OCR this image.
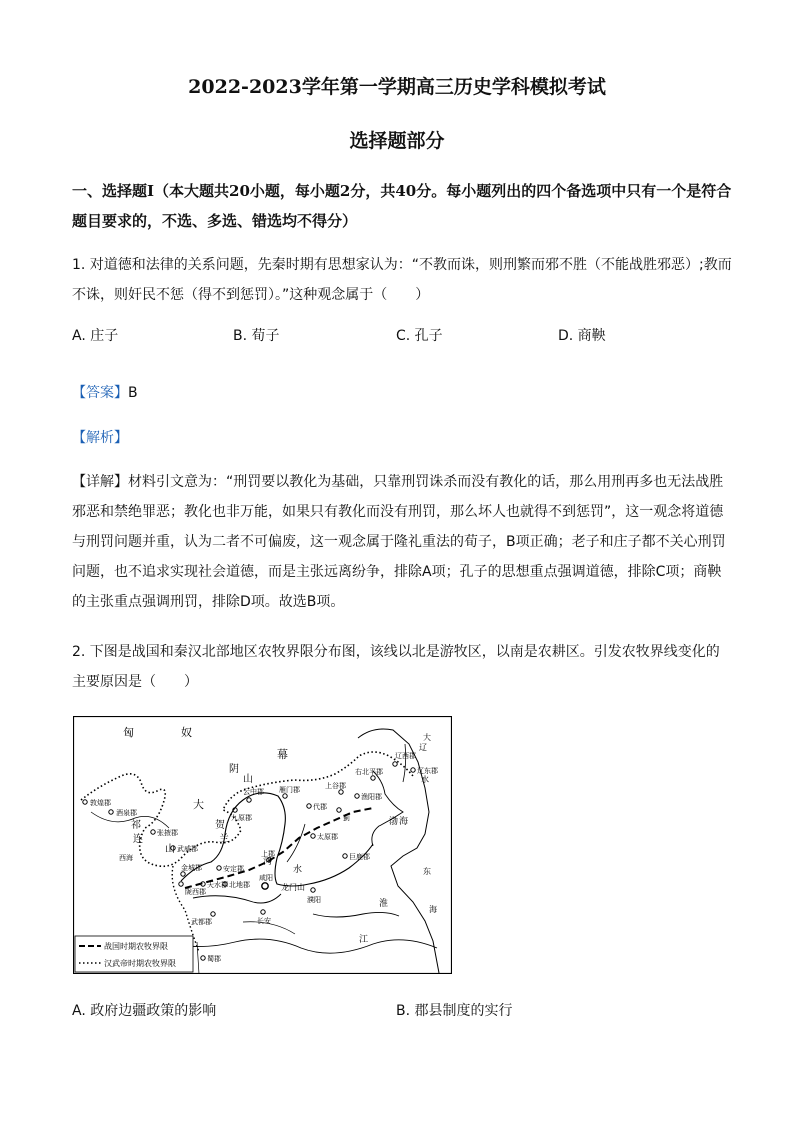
2022-2023学年第一学期高三历史学科模拟考试
选择题部分
一、选择题Ⅰ（本大题共20小题，每小题2分，共40分。每小题列出的四个备选项中只有一个是符合题目要求的，不选、多选、错选均不得分）
1. 对道德和法律的关系问题，先秦时期有思想家认为：“不教而诛，则刑繁而邪不胜（不能战胜邪恶）;教而不诛，则奸民不惩（得不到惩罚）。”这种观念属于（　　）
A. 庄子	B. 荀子	C. 孔子	D. 商鞅
【答案】B
【解析】
【详解】材料引文意为：“刑罚要以教化为基础，只靠刑罚诛杀而没有教化的话，那么用刑再多也无法战胜邪恶和禁绝罪恶；教化也非万能，如果只有教化而没有刑罚，那么坏人也就得不到惩罚”，这一观念将道德与刑罚问题并重，认为二者不可偏废，这一观念属于隆礼重法的荀子，B项正确；老子和庄子都不关心刑罚问题，也不追求实现社会道德，而是主张远离纷争，排除A项；孔子的思想重点强调道德，排除C项；商鞅的主张重点强调刑罚，排除D项。故选B项。
2. 下图是战国和秦汉北部地区农牧界限分布图，该线以北是游牧区，以南是农耕区。引发农牧界线变化的主要原因是（　　）
匈	奴
幕
阴
山
大
贺
兰
祁
连
山
西海
渤 海
东
海
河
水
江
淮
大
辽
水
龙门山
敦煌郡
酒泉郡
张掖郡
武威郡
金城郡
陇西郡
天水郡 北地郡
安定郡
武都郡
上郡
咸阳
长安
濮阳
云中郡 雁门郡
代郡
上谷郡
渔阳郡
右北平郡
辽西郡
辽东郡
太原郡
巨鹿郡
九原郡	蓟
蜀郡
战国时期农牧界限
汉武帝时期农牧界限
A. 政府边疆政策的影响	B. 郡县制度的实行
